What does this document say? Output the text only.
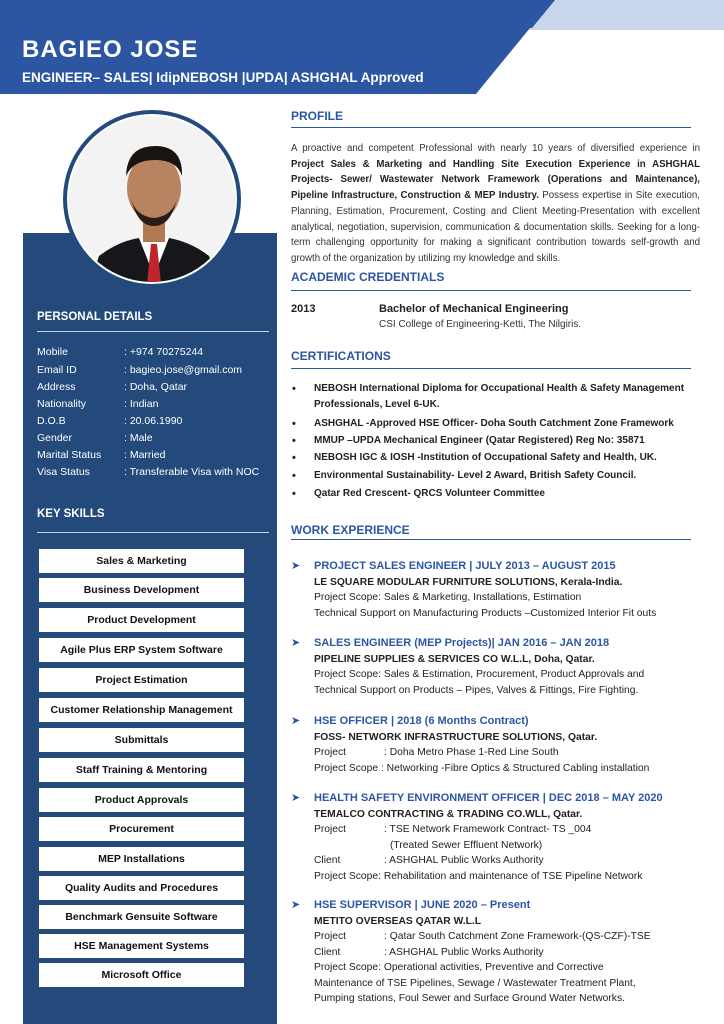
BAGIEO JOSE
ENGINEER– SALES| IdipNEBOSH |UPDA| ASHGHAL Approved
PERSONAL DETAILS
Mobile	: +974 70275244
Email ID	: bagieo.jose@gmail.com
Address	: Doha, Qatar
Nationality	: Indian
D.O.B	: 20.06.1990
Gender	: Male
Marital Status : Married
Visa Status	: Transferable Visa with NOC
KEY SKILLS
Sales & Marketing
Business Development
Product Development
Agile Plus ERP System Software
Project Estimation
Customer Relationship Management
Submittals
Staff Training & Mentoring
Product Approvals
Procurement
MEP Installations
Quality Audits and Procedures
Benchmark Gensuite Software
HSE Management Systems
Microsoft Office
PROFILE
A proactive and competent Professional with nearly 10 years of diversified experience in Project Sales & Marketing and Handling Site Execution Experience in ASHGHAL Projects- Sewer/ Wastewater Network Framework (Operations and Maintenance), Pipeline Infrastructure, Construction & MEP Industry. Possess expertise in Site execution, Planning, Estimation, Procurement, Costing and Client Meeting-Presentation with excellent analytical, negotiation, supervision, communication & documentation skills. Seeking for a long-term challenging opportunity for making a significant contribution towards self-growth and growth of the organization by utilizing my knowledge and skills.
ACADEMIC CREDENTIALS
2013	Bachelor of Mechanical Engineering
CSI College of Engineering-Ketti, The Nilgiris.
CERTIFICATIONS
• NEBOSH International Diploma for Occupational Health & Safety Management Professionals, Level 6-UK.
• ASHGHAL -Approved HSE Officer- Doha South Catchment Zone Framework
• MMUP –UPDA Mechanical Engineer (Qatar Registered) Reg No: 35871
• NEBOSH IGC & IOSH -Institution of Occupational Safety and Health, UK.
• Environmental Sustainability- Level 2 Award, British Safety Council.
• Qatar Red Crescent- QRCS Volunteer Committee
WORK EXPERIENCE
➤ PROJECT SALES ENGINEER | JULY 2013 – AUGUST 2015
LE SQUARE MODULAR FURNITURE SOLUTIONS, Kerala-India.
Project Scope: Sales & Marketing, Installations, Estimation
Technical Support on Manufacturing Products –Customized Interior Fit outs
➤ SALES ENGINEER (MEP Projects)| JAN 2016 – JAN 2018
PIPELINE SUPPLIES & SERVICES CO W.L.L, Doha, Qatar.
Project Scope: Sales & Estimation, Procurement, Product Approvals and
Technical Support on Products – Pipes, Valves & Fittings, Fire Fighting.
➤ HSE OFFICER | 2018 (6 Months Contract)
FOSS- NETWORK INFRASTRUCTURE SOLUTIONS, Qatar.
Project	: Doha Metro Phase 1-Red Line South
Project Scope : Networking -Fibre Optics & Structured Cabling installation
➤ HEALTH SAFETY ENVIRONMENT OFFICER | DEC 2018 – MAY 2020
TEMALCO CONTRACTING & TRADING CO.WLL, Qatar.
Project	: TSE Network Framework Contract- TS _004
(Treated Sewer Effluent Network)
Client	: ASHGHAL Public Works Authority
Project Scope: Rehabilitation and maintenance of TSE Pipeline Network
➤ HSE SUPERVISOR | JUNE 2020 – Present
METITO OVERSEAS QATAR W.L.L
Project	: Qatar South Catchment Zone Framework-(QS-CZF)-TSE
Client	: ASHGHAL Public Works Authority
Project Scope: Operational activities, Preventive and Corrective
Maintenance of TSE Pipelines, Sewage / Wastewater Treatment Plant,
Pumping stations, Foul Sewer and Surface Ground Water Networks.
